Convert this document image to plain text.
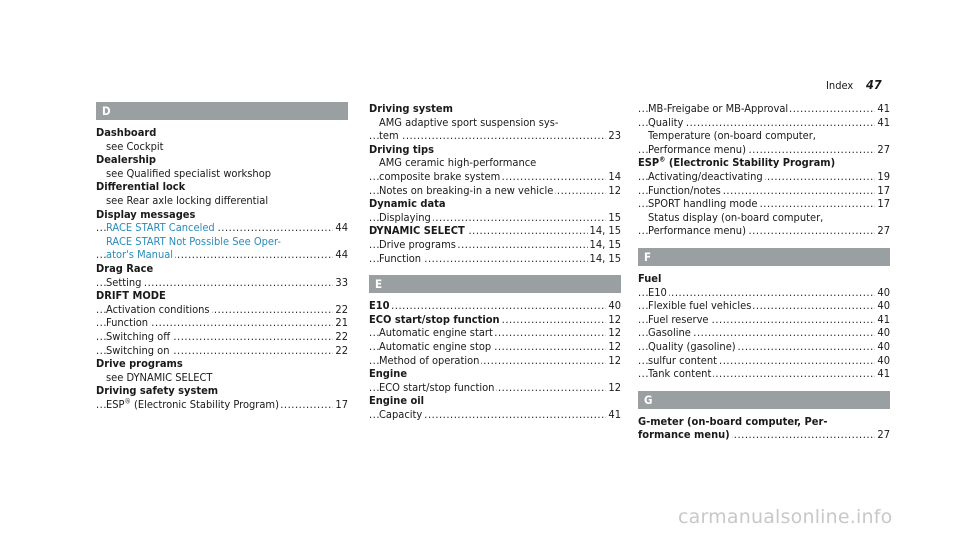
Index 47
D
Dashboard
see Cockpit
Dealership
see Qualified specialist workshop
Differential lock
see Rear axle locking differential
Display messages
. . . RACE START Canceled	44
RACE START Not Possible See Oper-
. . . ator's Manual	44
Drag Race
. . . Setting	33
DRIFT MODE
. . . Activation conditions	22
. . . Function	21
. . . Switching off	22
. . . Switching on	22
Drive programs
see DYNAMIC SELECT
Driving safety system
. . . ESP® (Electronic Stability Program)	17
Driving system
AMG adaptive sport suspension sys-
. . . tem	23
Driving tips
AMG ceramic high-performance
. . . composite brake system	14
. . . Notes on breaking-in a new vehicle	12
Dynamic data
. . . Displaying	15
. . . DYNAMIC SELECT	14, 15
. . . Drive programs	14, 15
. . . Function	14, 15
E
. . . E10	40
. . . ECO start/stop function	12
. . . Automatic engine start	12
. . . Automatic engine stop	12
. . . Method of operation	12
Engine
. . . ECO start/stop function	12
Engine oil
. . . Capacity	41
. . . MB-Freigabe or MB-Approval	41
. . . Quality	41
Temperature (on-board computer,
. . . Performance menu)	27
ESP® (Electronic Stability Program)
. . . Activating/deactivating	19
. . . Function/notes	17
. . . SPORT handling mode	17
Status display (on-board computer,
. . . Performance menu)	27
F
Fuel
. . . E10	40
. . . Flexible fuel vehicles	40
. . . Fuel reserve	41
. . . Gasoline	40
. . . Quality (gasoline)	40
. . . sulfur content	40
. . . Tank content	41
G
G-meter (on-board computer, Per-
. . . formance menu)	27
carmanualsonline.info
